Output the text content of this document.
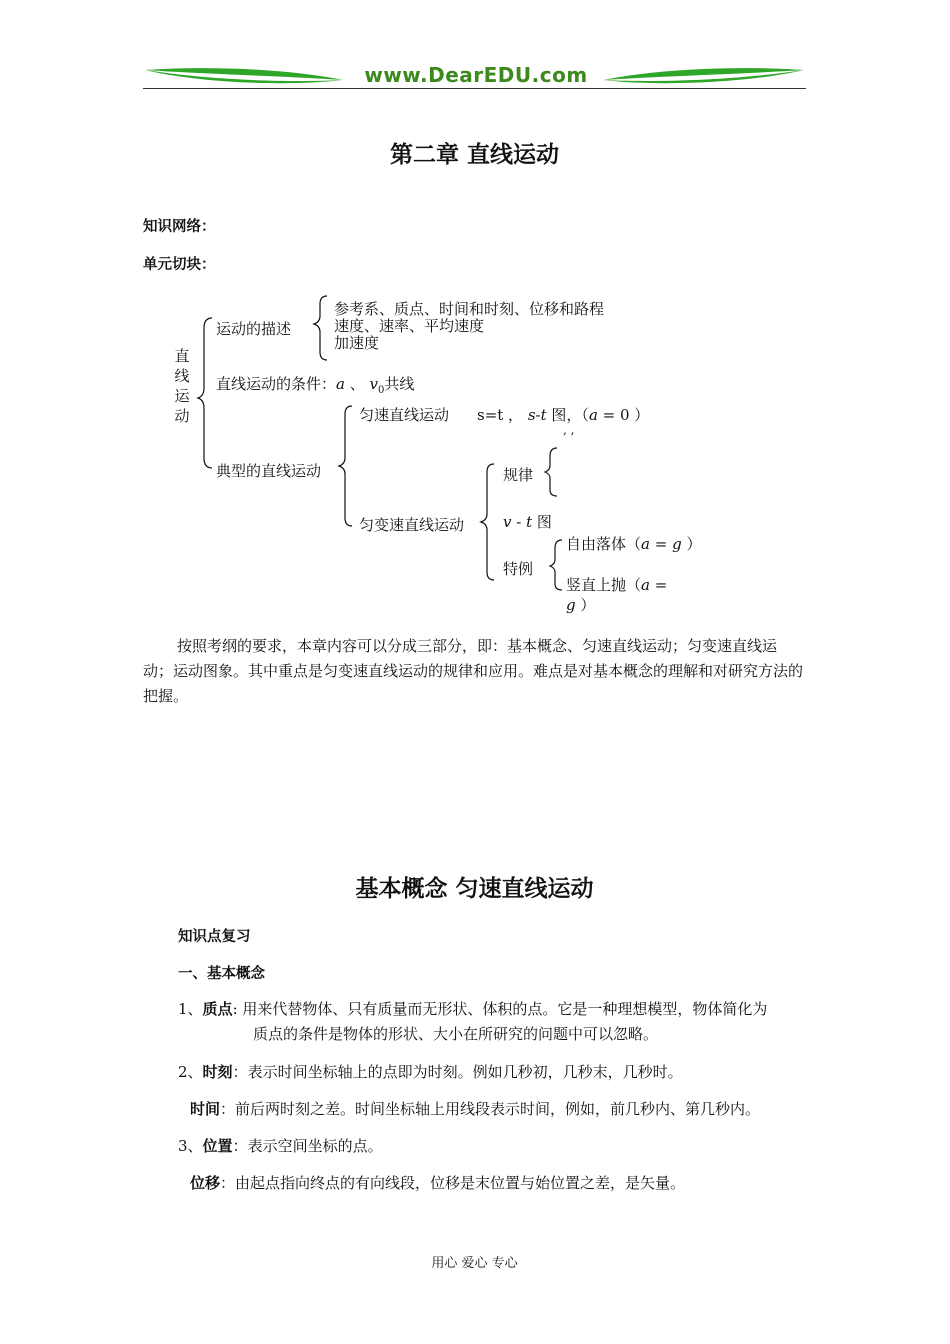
www.DearEDU.com
第二章 直线运动
知识网络：
单元切块：
直
线
运
动
运动的描述
参考系、质点、时间和时刻、位移和路程
速度、速率、平均速度
加速度
直线运动的条件：a 、 $v_0$共线
典型的直线运动
匀速直线运动 s=t ， s-t 图，（a = 0 ）
, ,
匀变速直线运动
规律
v - t 图
特例
自由落体（a = g ）
竖直上抛（a =
g ）
按照考纲的要求，本章内容可以分成三部分，即：基本概念、匀速直线运动；匀变速直线运动；运动图象。其中重点是匀变速直线运动的规律和应用。难点是对基本概念的理解和对研究方法的把握。
基本概念 匀速直线运动
知识点复习
一、基本概念
1、质点: 用来代替物体、只有质量而无形状、体积的点。它是一种理想模型，物体简化为
质点的条件是物体的形状、大小在所研究的问题中可以忽略。
2、时刻：表示时间坐标轴上的点即为时刻。例如几秒初，几秒末，几秒时。
时间：前后两时刻之差。时间坐标轴上用线段表示时间，例如，前几秒内、第几秒内。
3、位置：表示空间坐标的点。
位移：由起点指向终点的有向线段，位移是末位置与始位置之差，是矢量。
用心 爱心 专心
